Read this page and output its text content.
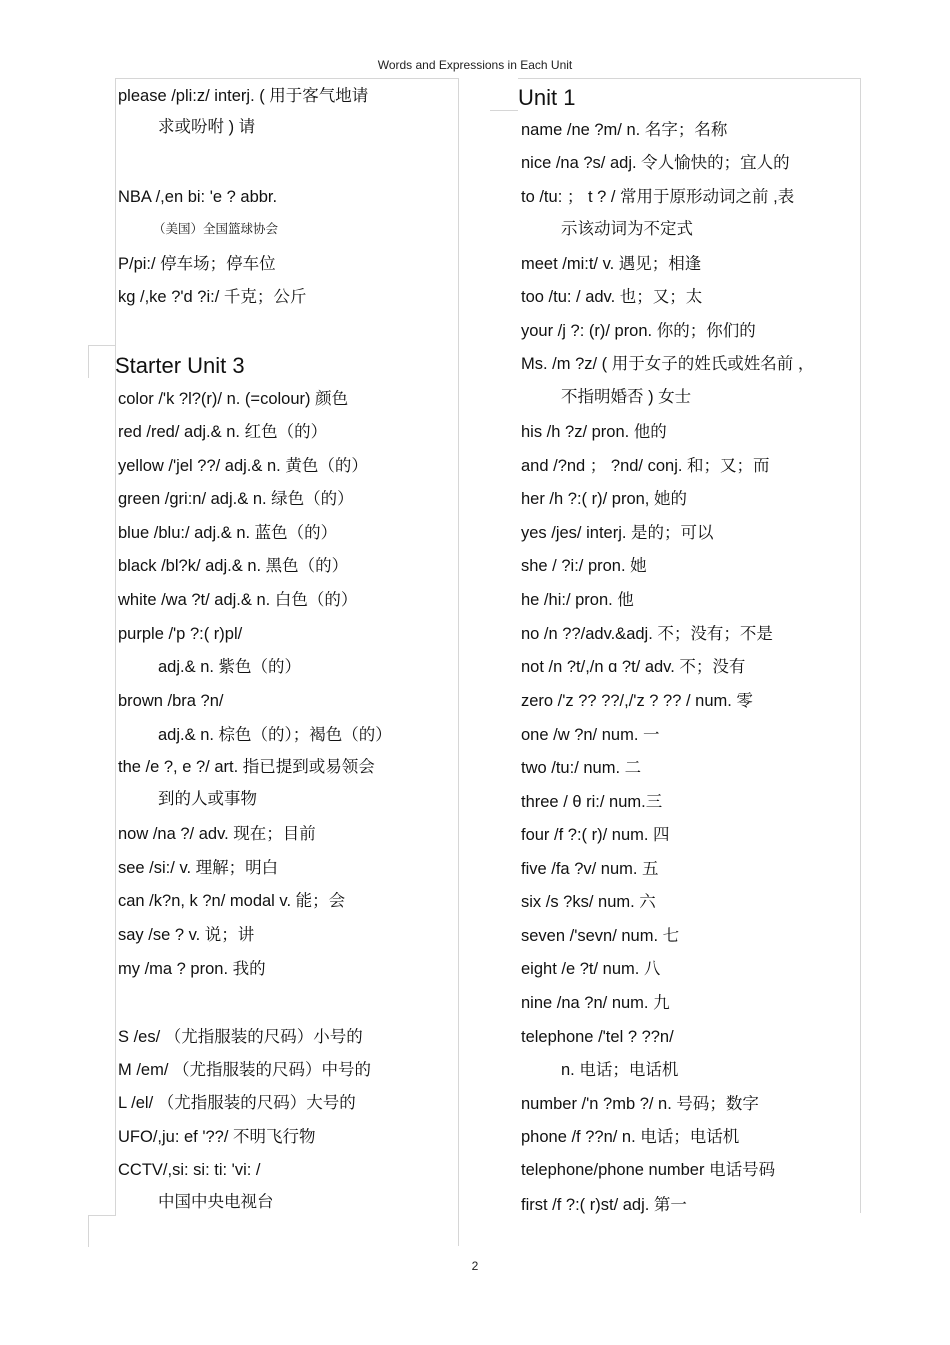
Words and Expressions in Each Unit
please /pli:z/ interj. ( 用于客气地请
求或吩咐 ) 请
NBA /,en bi: 'e ? abbr.
（美国）全国篮球协会
P/pi:/ 停车场；停车位
kg /,ke ?'d ?i:/ 千克；公斤
Starter Unit 3
color /'k ?l?(r)/ n. (=colour) 颜色
red /red/ adj.& n. 红色（的）
yellow /'jel ??/ adj.& n. 黄色（的）
green /gri:n/ adj.& n. 绿色（的）
blue /blu:/ adj.& n. 蓝色（的）
black /bl?k/ adj.& n. 黑色（的）
white /wa ?t/ adj.& n. 白色（的）
purple /'p ?:( r)pl/
adj.& n. 紫色（的）
brown /bra ?n/
adj.& n. 棕色（的）；褐色（的）
the /e ?, e ?/ art. 指已提到或易领会
到的人或事物
now /na ?/ adv. 现在；目前
see /si:/ v. 理解；明白
can /k?n, k ?n/ modal v. 能；会
say /se ? v. 说；讲
my /ma ? pron. 我的
S /es/ （尤指服装的尺码）小号的
M /em/ （尤指服装的尺码）中号的
L /el/ （尤指服装的尺码）大号的
UFO/,ju: ef '??/ 不明飞行物
CCTV/,si: si: ti: 'vi: /
中国中央电视台
Unit 1
name /ne ?m/ n. 名字；名称
nice /na ?s/ adj. 令人愉快的；宜人的
to /tu: ； t ? / 常用于原形动词之前 ,表
示该动词为不定式
meet /mi:t/ v. 遇见；相逢
too /tu: / adv. 也；又；太
your /j ?: (r)/ pron. 你的；你们的
Ms. /m ?z/ ( 用于女子的姓氏或姓名前 ，
不指明婚否 ) 女士
his /h ?z/ pron. 他的
and /?nd ； ?nd/ conj. 和；又；而
her /h ?:( r)/ pron, 她的
yes /jes/ interj. 是的；可以
she / ?i:/ pron. 她
he /hi:/ pron. 他
no /n ??/adv.&adj. 不；没有；不是
not /n ?t/,/n ɑ ?t/ adv. 不；没有
zero /'z ?? ??/,/'z ? ?? / num. 零
one /w ?n/ num. 一
two /tu:/ num. 二
three / θ ri:/ num.三
four /f ?:( r)/ num. 四
five /fa ?v/ num. 五
six /s ?ks/ num. 六
seven /'sevn/ num. 七
eight /e ?t/ num. 八
nine /na ?n/ num. 九
telephone /'tel ? ??n/
n. 电话；电话机
number /'n ?mb ?/ n. 号码；数字
phone /f ??n/ n. 电话；电话机
telephone/phone number 电话号码
first /f ?:( r)st/ adj. 第一
2
